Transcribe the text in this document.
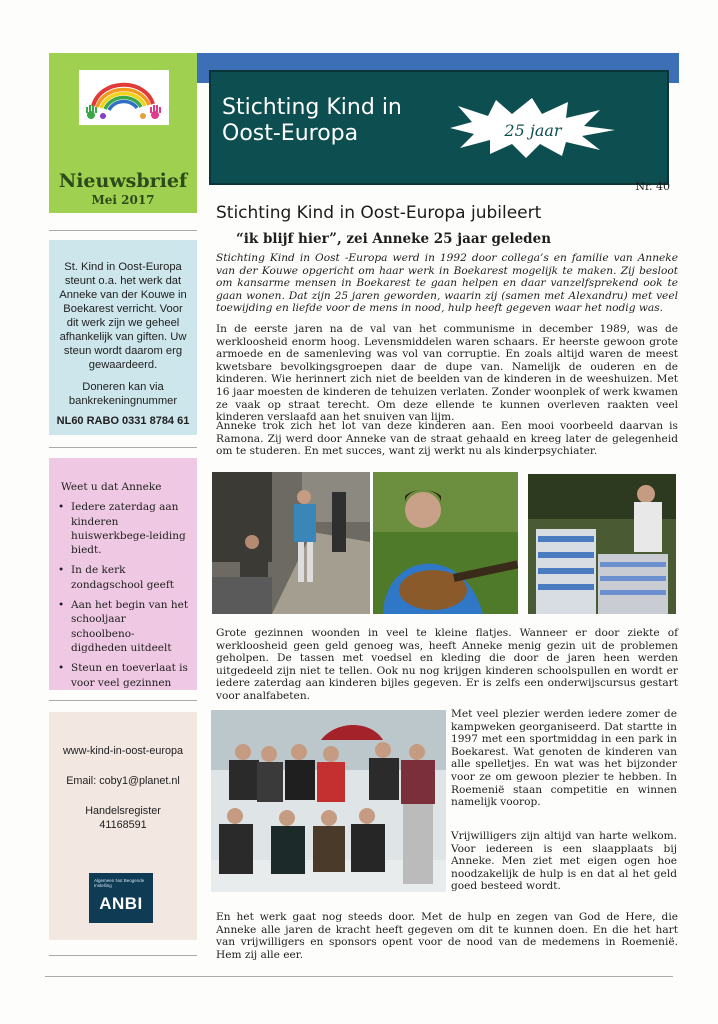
Nieuwsbrief
Mei 2017
St. Kind in Oost-Europa steunt o.a. het werk dat Anneke van der Kouwe in Boekarest verricht. Voor dit werk zijn we geheel afhankelijk van giften. Uw steun wordt daarom erg gewaardeerd.
Doneren kan via bankrekeningnummer
NL60 RABO 0331 8784 61
Weet u dat Anneke
• Iedere zaterdag aan kinderen huiswerkbege-leiding biedt.
• In de kerk zondagschool geeft
• Aan het begin van het schooljaar schoolbeno-digdheden uitdeelt
• Steun en toeverlaat is voor veel gezinnen
www-kind-in-oost-europa
Email: coby1@planet.nl
Handelsregister
41168591
Algemeen Nut Beogende Instelling
ANBI
Stichting Kind in
Oost-Europa	25 jaar
Nr. 40
Stichting Kind in Oost-Europa jubileert
“ik blijf hier”, zei Anneke 25 jaar geleden
Stichting Kind in Oost -Europa werd in 1992 door collega’s en familie van Anneke van der Kouwe opgericht om haar werk in Boekarest mogelijk te maken. Zij besloot om kansarme mensen in Boekarest te gaan helpen en daar vanzelfsprekend ook te gaan wonen. Dat zijn 25 jaren geworden, waarin zij (samen met Alexandru) met veel toewijding en liefde voor de mens in nood, hulp heeft gegeven waar het nodig was.
In de eerste jaren na de val van het communisme in december 1989, was de werkloosheid enorm hoog. Levensmiddelen waren schaars. Er heerste gewoon grote armoede en de samenleving was vol van corruptie. En zoals altijd waren de meest kwetsbare bevolkingsgroepen daar de dupe van. Namelijk de ouderen en de kinderen. Wie herinnert zich niet de beelden van de kinderen in de weeshuizen. Met 16 jaar moesten de kinderen de tehuizen verlaten. Zonder woonplek of werk kwamen ze vaak op straat terecht. Om deze ellende te kunnen overleven raakten veel kinderen verslaafd aan het snuiven van lijm.
Anneke trok zich het lot van deze kinderen aan. Een mooi voorbeeld daarvan is Ramona. Zij werd door Anneke van de straat gehaald en kreeg later de gelegenheid om te studeren. En met succes, want zij werkt nu als kinderpsychiater.
Grote gezinnen woonden in veel te kleine flatjes. Wanneer er door ziekte of werkloosheid geen geld genoeg was, heeft Anneke menig gezin uit de problemen geholpen. De tassen met voedsel en kleding die door de jaren heen werden uitgedeeld zijn niet te tellen. Ook nu nog krijgen kinderen schoolspullen en wordt er iedere zaterdag aan kinderen bijles gegeven. Er is zelfs een onderwijscursus gestart voor analfabeten.
Met veel plezier werden iedere zomer de kampweken georganiseerd. Dat startte in 1997 met een sportmiddag in een park in Boekarest. Wat genoten de kinderen van alle spelletjes. En wat was het bijzonder voor ze om gewoon plezier te hebben. In Roemenië staan competitie en winnen namelijk voorop.
Vrijwilligers zijn altijd van harte welkom. Voor iedereen is een slaapplaats bij Anneke. Men ziet met eigen ogen hoe noodzakelijk de hulp is en dat al het geld goed besteed wordt.
En het werk gaat nog steeds door. Met de hulp en zegen van God de Here, die Anneke alle jaren de kracht heeft gegeven om dit te kunnen doen. En die het hart van vrijwilligers en sponsors opent voor de nood van de medemens in Roemenië. Hem zij alle eer.
